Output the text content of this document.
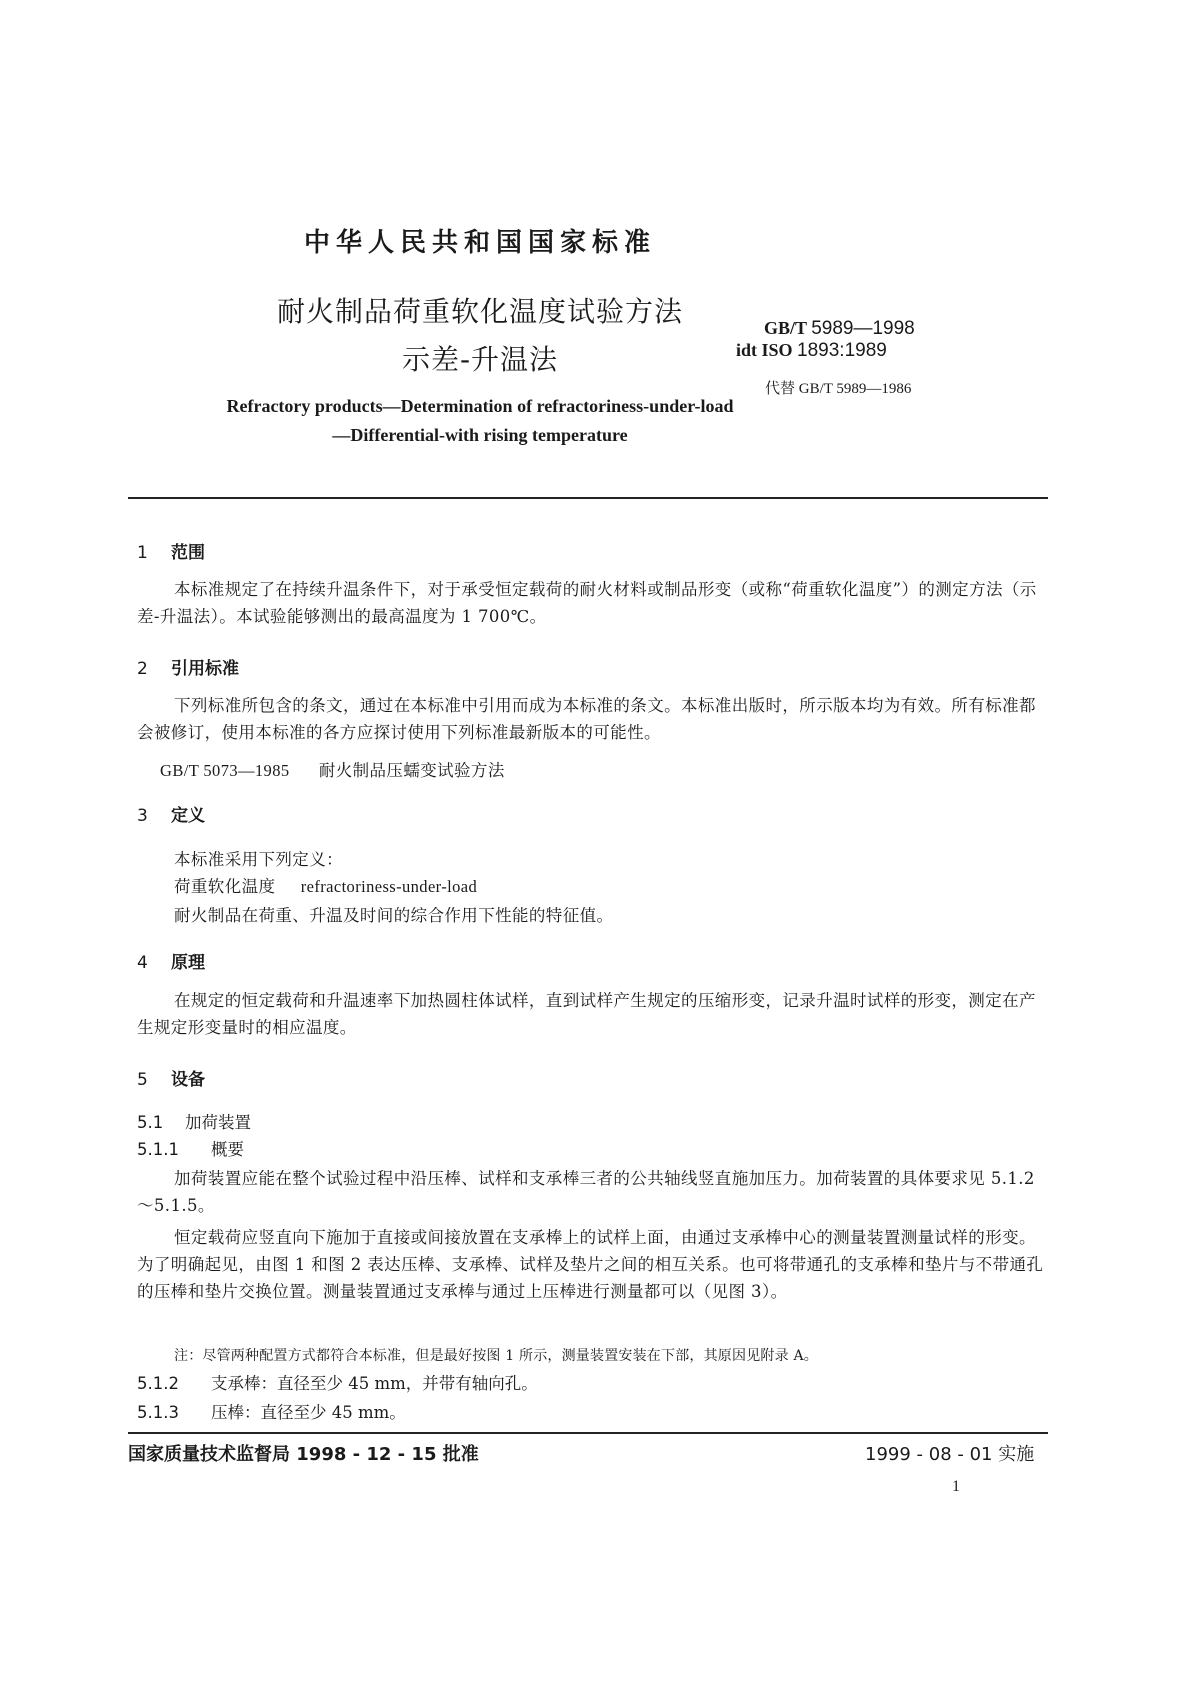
中华人民共和国国家标准
耐火制品荷重软化温度试验方法
示差-升温法
GB/T 5989—1998
idt ISO 1893:1989
代替 GB/T 5989—1986
Refractory products—Determination of refractoriness-under-load
—Differential-with rising temperature
1 范围
本标准规定了在持续升温条件下，对于承受恒定载荷的耐火材料或制品形变（或称“荷重软化温度”）的测定方法（示差-升温法）。本试验能够测出的最高温度为 1 700℃。
2 引用标准
下列标准所包含的条文，通过在本标准中引用而成为本标准的条文。本标准出版时，所示版本均为有效。所有标准都会被修订，使用本标准的各方应探讨使用下列标准最新版本的可能性。
GB/T 5073—1985 耐火制品压蠕变试验方法
3 定义
本标准采用下列定义：
荷重软化温度 refractoriness-under-load
耐火制品在荷重、升温及时间的综合作用下性能的特征值。
4 原理
在规定的恒定载荷和升温速率下加热圆柱体试样，直到试样产生规定的压缩形变，记录升温时试样的形变，测定在产生规定形变量时的相应温度。
5 设备
5.1 加荷装置
5.1.1 概要
加荷装置应能在整个试验过程中沿压棒、试样和支承棒三者的公共轴线竖直施加压力。加荷装置的具体要求见 5.1.2～5.1.5。
恒定载荷应竖直向下施加于直接或间接放置在支承棒上的试样上面，由通过支承棒中心的测量装置测量试样的形变。为了明确起见，由图 1 和图 2 表达压棒、支承棒、试样及垫片之间的相互关系。也可将带通孔的支承棒和垫片与不带通孔的压棒和垫片交换位置。测量装置通过支承棒与通过上压棒进行测量都可以（见图 3）。
注：尽管两种配置方式都符合本标准，但是最好按图 1 所示，测量装置安装在下部，其原因见附录 A。
5.1.2 支承棒：直径至少 45 mm，并带有轴向孔。
5.1.3 压棒：直径至少 45 mm。
国家质量技术监督局 1998 - 12 - 15 批准	1999 - 08 - 01 实施
1
